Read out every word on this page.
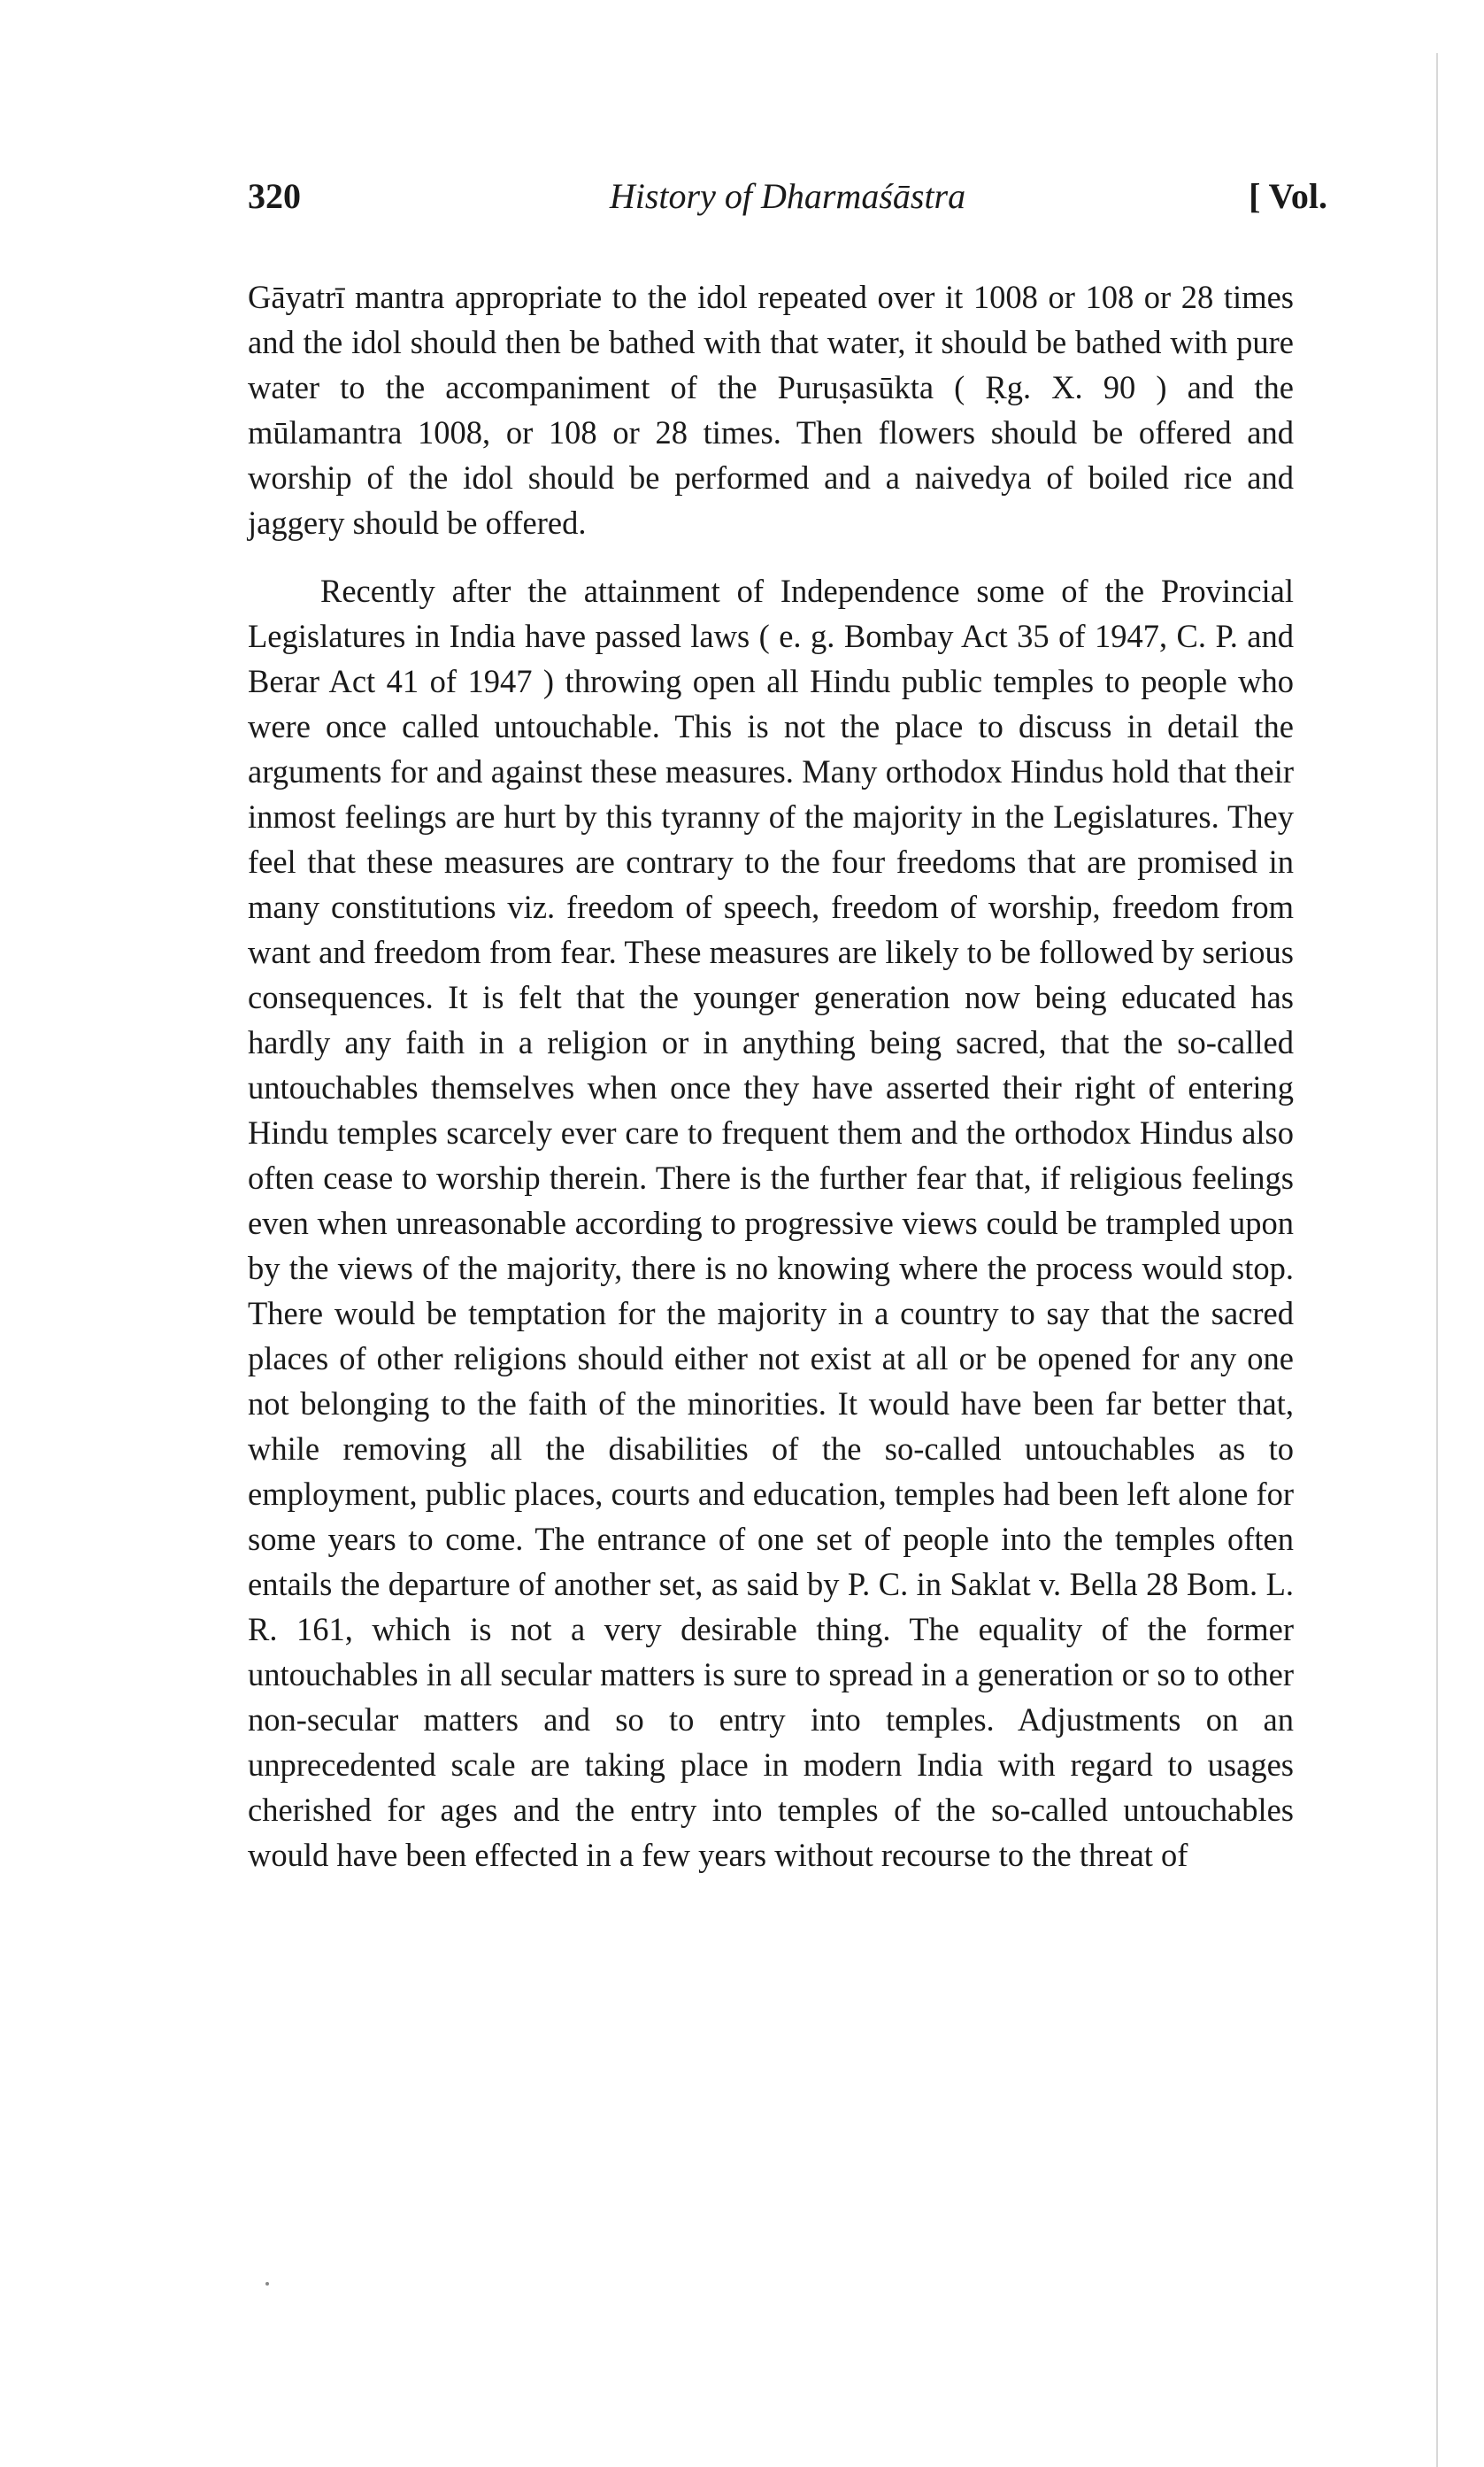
320	History of Dharmaśāstra	[ Vol.

Gāyatrī mantra appropriate to the idol repeated over it 1008 or 108 or 28 times and the idol should then be bathed with that water, it should be bathed with pure water to the accompaniment of the Puruṣasūkta ( Ṛg. X. 90 ) and the mūlamantra 1008, or 108 or 28 times. Then flowers should be offered and worship of the idol should be performed and a naivedya of boiled rice and jaggery should be offered.

Recently after the attainment of Independence some of the Provincial Legislatures in India have passed laws ( e. g. Bombay Act 35 of 1947, C. P. and Berar Act 41 of 1947 ) throwing open all Hindu public temples to people who were once called untouchable. This is not the place to discuss in detail the arguments for and against these measures. Many orthodox Hindus hold that their inmost feelings are hurt by this tyranny of the majority in the Legislatures. They feel that these measures are contrary to the four freedoms that are promised in many constitutions viz. freedom of speech, freedom of worship, freedom from want and freedom from fear. These measures are likely to be followed by serious consequences. It is felt that the younger generation now being educated has hardly any faith in a religion or in anything being sacred, that the so-called untouchables themselves when once they have asserted their right of entering Hindu temples scarcely ever care to frequent them and the orthodox Hindus also often cease to worship therein. There is the further fear that, if religious feelings even when unreasonable according to progressive views could be trampled upon by the views of the majority, there is no knowing where the process would stop. There would be temptation for the majority in a country to say that the sacred places of other religions should either not exist at all or be opened for any one not belonging to the faith of the minorities. It would have been far better that, while removing all the disabilities of the so-called untouchables as to employment, public places, courts and education, temples had been left alone for some years to come. The entrance of one set of people into the temples often entails the departure of another set, as said by P. C. in Saklat v. Bella 28 Bom. L. R. 161, which is not a very desirable thing. The equality of the former untouchables in all secular matters is sure to spread in a generation or so to other non-secular matters and so to entry into temples. Adjustments on an unprecedented scale are taking place in modern India with regard to usages cherished for ages and the entry into temples of the so-called untouchables would have been effected in a few years without recourse to the threat of
